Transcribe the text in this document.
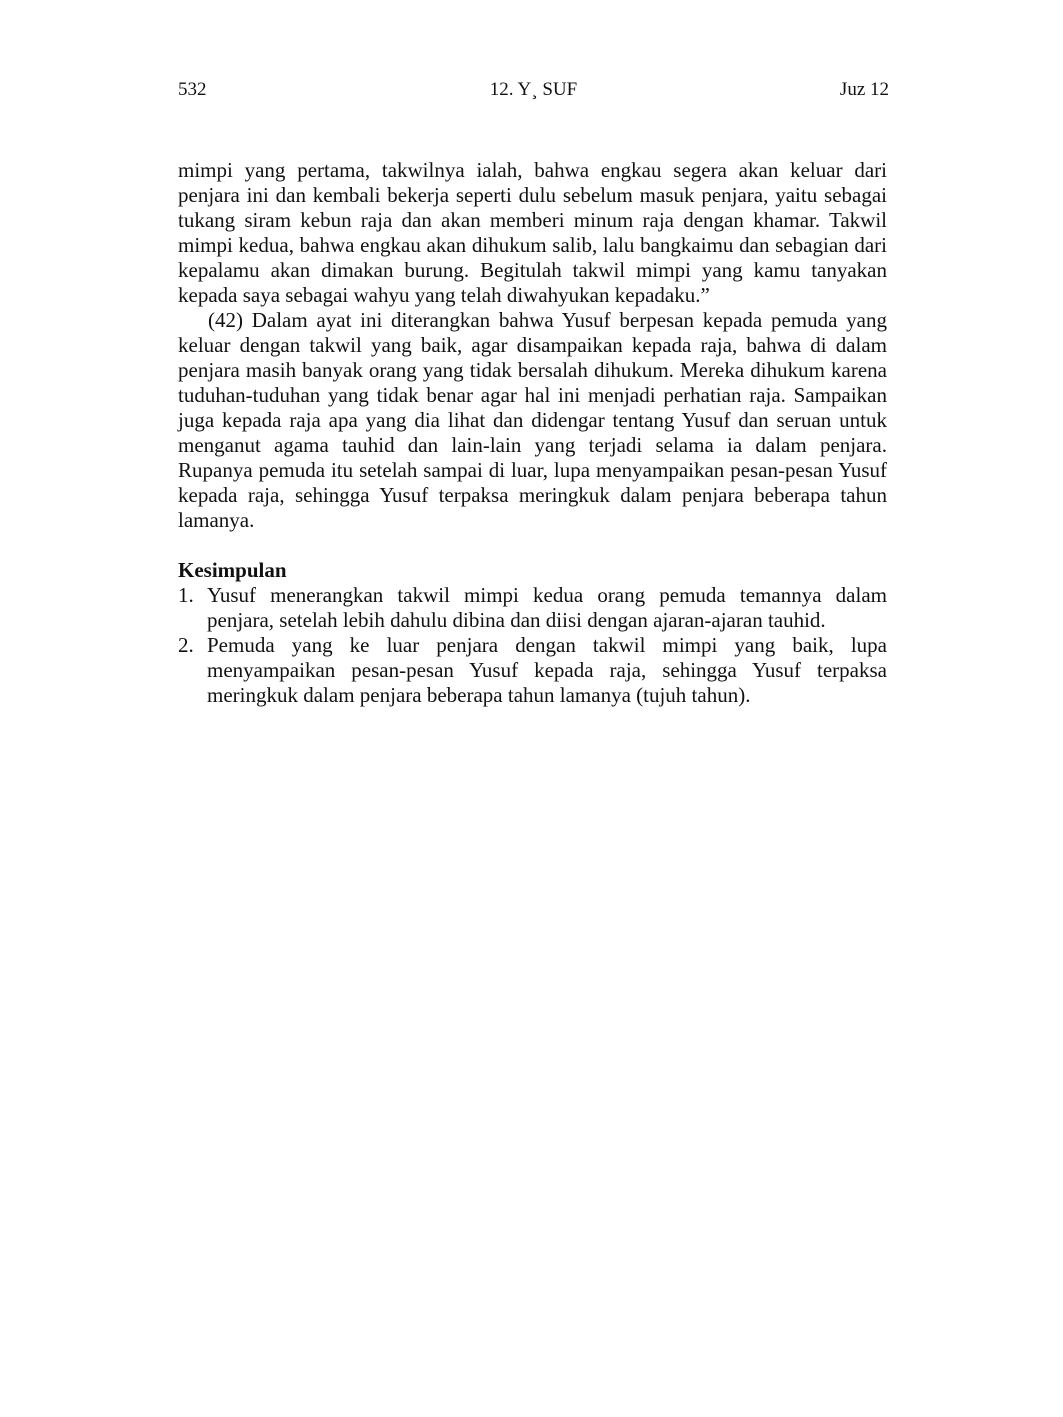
532	12. Y¸ SUF	Juz 12

mimpi yang pertama, takwilnya ialah, bahwa engkau segera akan keluar dari penjara ini dan kembali bekerja seperti dulu sebelum masuk penjara, yaitu sebagai tukang siram kebun raja dan akan memberi minum raja dengan khamar. Takwil mimpi kedua, bahwa engkau akan dihukum salib, lalu bangkaimu dan sebagian dari kepalamu akan dimakan burung. Begitulah takwil mimpi yang kamu tanyakan kepada saya sebagai wahyu yang telah diwahyukan kepadaku.”

(42) Dalam ayat ini diterangkan bahwa Yusuf berpesan kepada pemuda yang keluar dengan takwil yang baik, agar disampaikan kepada raja, bahwa di dalam penjara masih banyak orang yang tidak bersalah dihukum. Mereka dihukum karena tuduhan-tuduhan yang tidak benar agar hal ini menjadi perhatian raja. Sampaikan juga kepada raja apa yang dia lihat dan didengar tentang Yusuf dan seruan untuk menganut agama tauhid dan lain-lain yang terjadi selama ia dalam penjara. Rupanya pemuda itu setelah sampai di luar, lupa menyampaikan pesan-pesan Yusuf kepada raja, sehingga Yusuf terpaksa meringkuk dalam penjara beberapa tahun lamanya.

Kesimpulan
1. Yusuf menerangkan takwil mimpi kedua orang pemuda temannya dalam penjara, setelah lebih dahulu dibina dan diisi dengan ajaran-ajaran tauhid.
2. Pemuda yang ke luar penjara dengan takwil mimpi yang baik, lupa menyampaikan pesan-pesan Yusuf kepada raja, sehingga Yusuf terpaksa meringkuk dalam penjara beberapa tahun lamanya (tujuh tahun).
